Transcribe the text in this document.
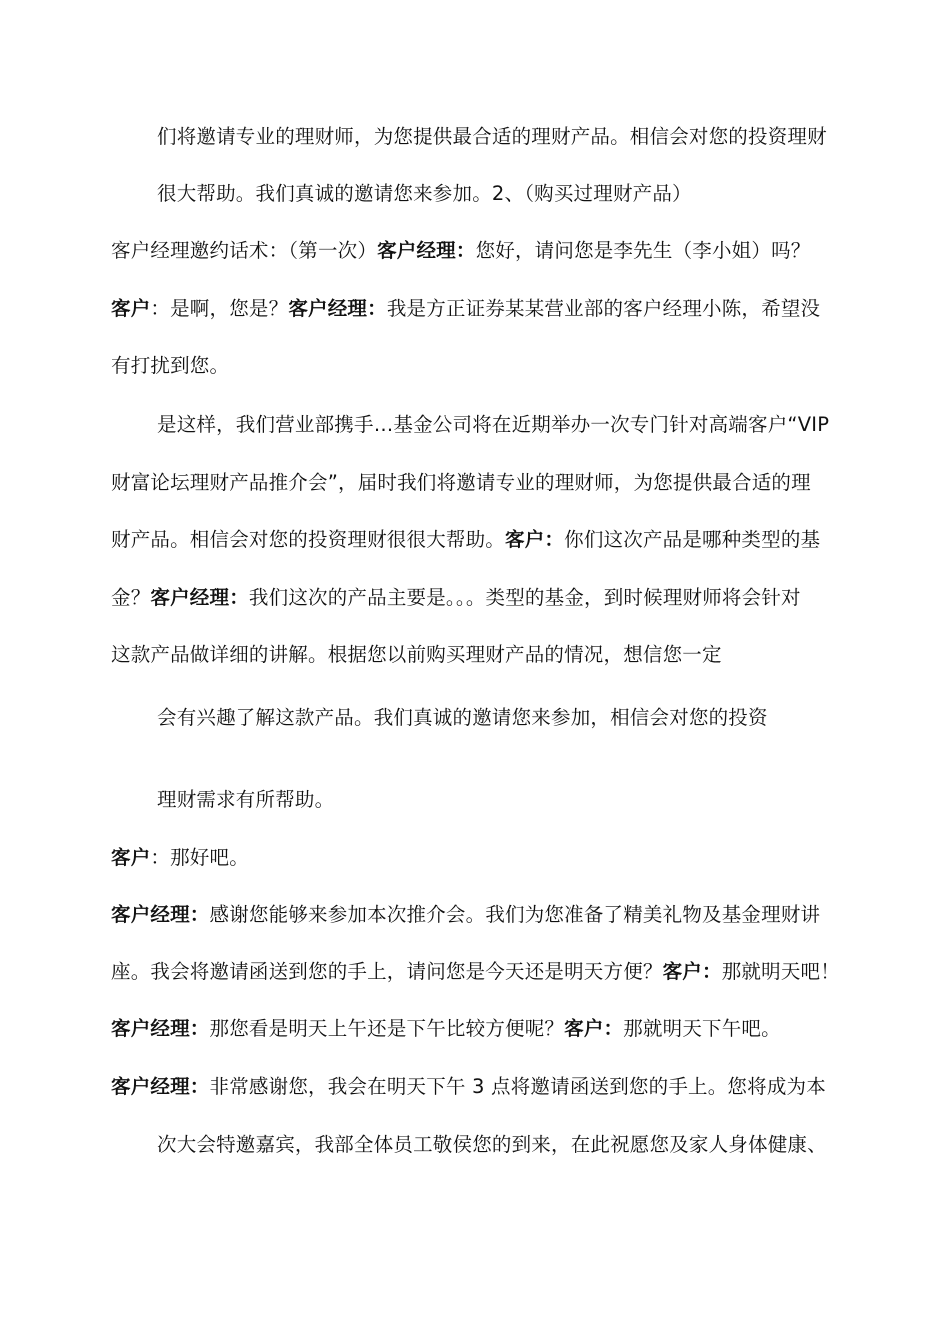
们将邀请专业的理财师，为您提供最合适的理财产品。相信会对您的投资理财
很大帮助。我们真诚的邀请您来参加。2、（购买过理财产品）
客户经理邀约话术：（第一次）客户经理：您好，请问您是李先生（李小姐）吗？
客户：是啊，您是？客户经理：我是方正证券某某营业部的客户经理小陈，希望没
有打扰到您。
是这样，我们营业部携手…基金公司将在近期举办一次专门针对高端客户“VIP
财富论坛理财产品推介会”，届时我们将邀请专业的理财师，为您提供最合适的理
财产品。相信会对您的投资理财很很大帮助。客户：你们这次产品是哪种类型的基
金？客户经理：我们这次的产品主要是。。。类型的基金，到时候理财师将会针对
这款产品做详细的讲解。根据您以前购买理财产品的情况，想信您一定
会有兴趣了解这款产品。我们真诚的邀请您来参加，相信会对您的投资
理财需求有所帮助。
客户：那好吧。
客户经理：感谢您能够来参加本次推介会。我们为您准备了精美礼物及基金理财讲
座。我会将邀请函送到您的手上，请问您是今天还是明天方便？客户：那就明天吧！
客户经理：那您看是明天上午还是下午比较方便呢？客户：那就明天下午吧。
客户经理：非常感谢您，我会在明天下午 3 点将邀请函送到您的手上。您将成为本
次大会特邀嘉宾，我部全体员工敬侯您的到来，在此祝愿您及家人身体健康、
